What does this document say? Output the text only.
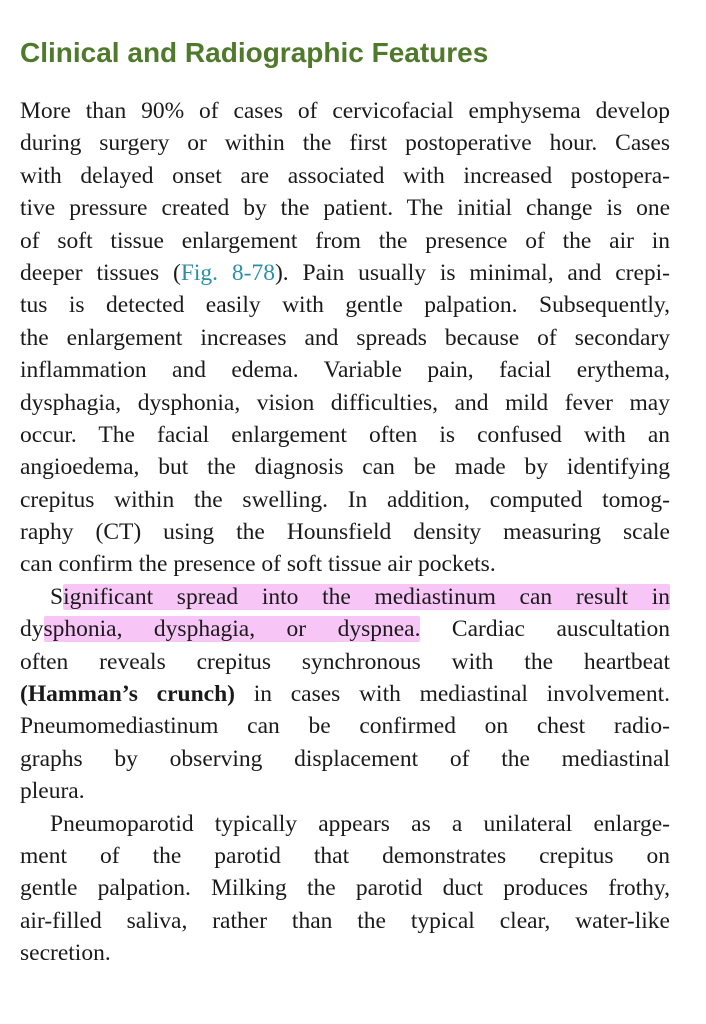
Clinical and Radiographic Features
More than 90% of cases of cervicofacial emphysema develop
during surgery or within the first postoperative hour. Cases
with delayed onset are associated with increased postopera-
tive pressure created by the patient. The initial change is one
of soft tissue enlargement from the presence of the air in
deeper tissues (Fig. 8-78). Pain usually is minimal, and crepi-
tus is detected easily with gentle palpation. Subsequently,
the enlargement increases and spreads because of secondary
inflammation and edema. Variable pain, facial erythema,
dysphagia, dysphonia, vision difficulties, and mild fever may
occur. The facial enlargement often is confused with an
angioedema, but the diagnosis can be made by identifying
crepitus within the swelling. In addition, computed tomog-
raphy (CT) using the Hounsfield density measuring scale
can confirm the presence of soft tissue air pockets.
Significant spread into the mediastinum can result in
dysphonia, dysphagia, or dyspnea. Cardiac auscultation
often reveals crepitus synchronous with the heartbeat
(Hamman’s crunch) in cases with mediastinal involvement.
Pneumomediastinum can be confirmed on chest radio-
graphs by observing displacement of the mediastinal
pleura.
Pneumoparotid typically appears as a unilateral enlarge-
ment of the parotid that demonstrates crepitus on
gentle palpation. Milking the parotid duct produces frothy,
air-filled saliva, rather than the typical clear, water-like
secretion.
